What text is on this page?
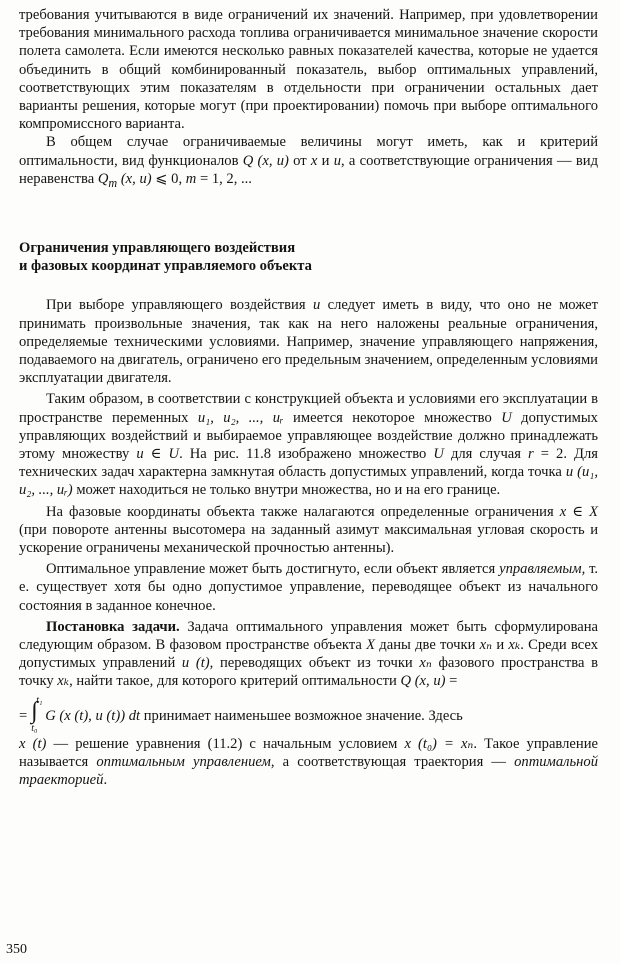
требования учитываются в виде ограничений их значений. Например, при удовлетворении требования минимального расхода топлива ограничивается минимальное значение скорости полета самолета. Если имеются несколько равных показателей качества, которые не удается объединить в общий комбинированный показатель, выбор оптимальных управлений, соответствующих этим показателям в отдельности при ограничении остальных дает варианты решения, которые могут (при проектировании) помочь при выборе оптимального компромиссного варианта.

В общем случае ограничиваемые величины могут иметь, как и критерий оптимальности, вид функционалов Q (x, u) от x и u, а соответствующие ограничения — вид неравенства $Q_m$ (x, u) ⩽ 0, m = 1, 2, ...

Ограничения управляющего воздействия
и фазовых координат управляемого объекта

При выборе управляющего воздействия u следует иметь в виду, что оно не может принимать произвольные значения, так как на него наложены реальные ограничения, определяемые техническими условиями. Например, значение управляющего напряжения, подаваемого на двигатель, ограничено его предельным значением, определенным условиями эксплуатации двигателя.

Таким образом, в соответствии с конструкцией объекта и условиями его эксплуатации в пространстве переменных u₁, u₂, ..., uᵣ имеется некоторое множество U допустимых управляющих воздействий и выбираемое управляющее воздействие должно принадлежать этому множеству u ∈ U. На рис. 11.8 изображено множество U для случая r = 2. Для технических задач характерна замкнутая область допустимых управлений, когда точка u (u₁, u₂, ..., uᵣ) может находиться не только внутри множества, но и на его границе.

На фазовые координаты объекта также налагаются определенные ограничения x ∈ X (при повороте антенны высотомера на заданный азимут максимальная угловая скорость и ускорение ограничены механической прочностью антенны).

Оптимальное управление может быть достигнуто, если объект является управляемым, т. е. существует хотя бы одно допустимое управление, переводящее объект из начального состояния в заданное конечное.

Постановка задачи. Задача оптимального управления может быть сформулирована следующим образом. В фазовом пространстве объекта X даны две точки xₙ и xₖ. Среди всех допустимых управлений u (t), переводящих объект из точки xₙ фазового пространства в точку xₖ, найти такое, для которого критерий оптимальности Q (x, u) =

= ∫
t₁
t₀
G (x (t), u (t)) dt принимает наименьшее возможное значение. Здесь

x (t) — решение уравнения (11.2) с начальным условием x (t₀) = xₙ. Такое управление называется оптимальным управлением, а соответствующая траектория — оптимальной траекторией.

350
